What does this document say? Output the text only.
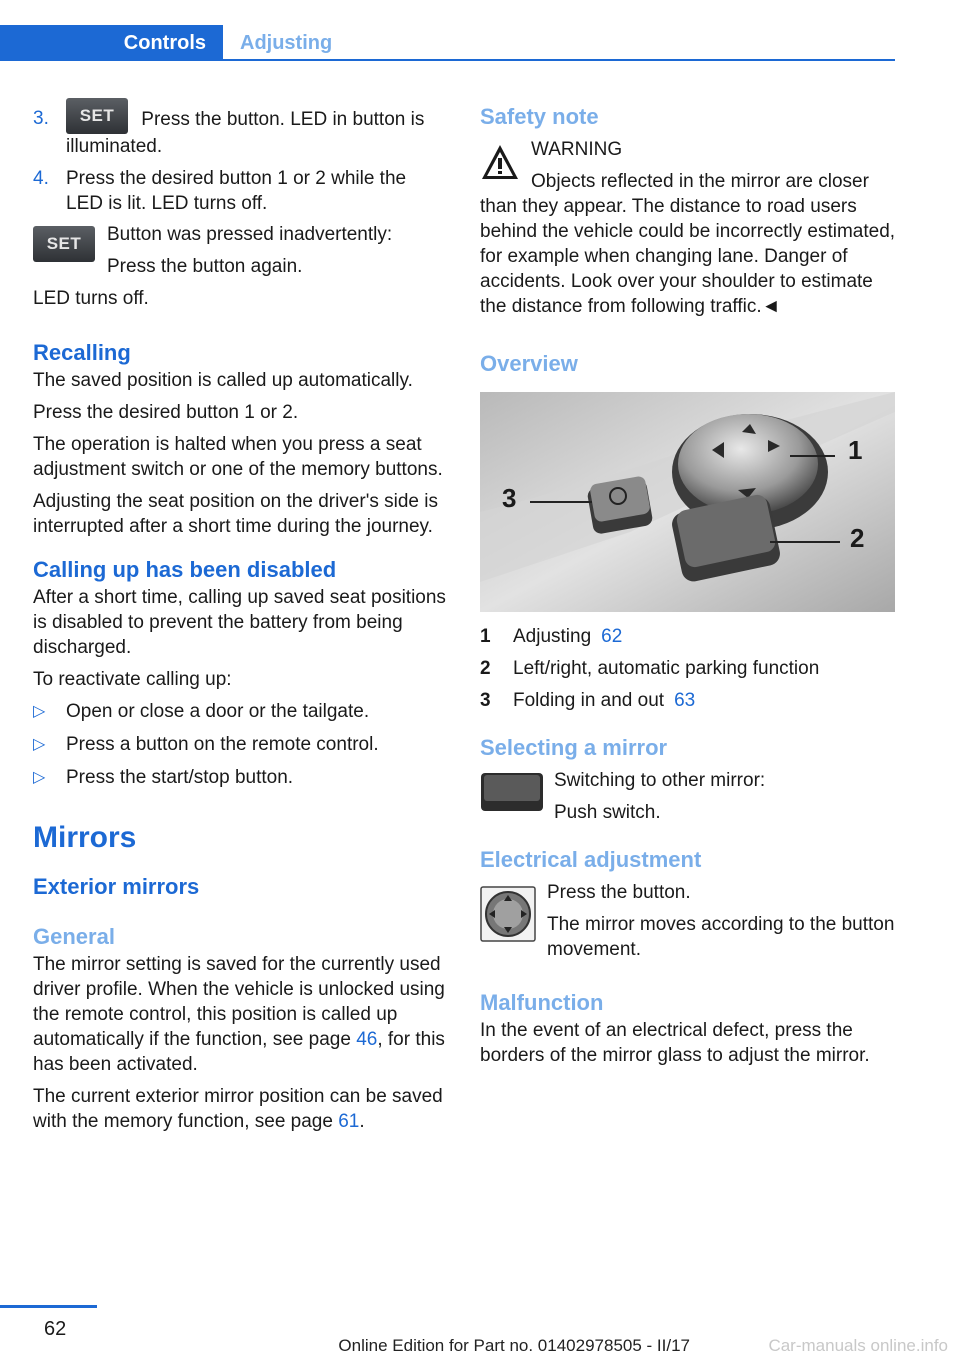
Controls	Adjusting
3.	SET Press the button. LED in button is illuminated.
4. Press the desired button 1 or 2 while the LED is lit. LED turns off.
SET	Button was pressed inadvertently:

Press the button again.

LED turns off.

Recalling

The saved position is called up automatically.

Press the desired button 1 or 2.

The operation is halted when you press a seat adjustment switch or one of the memory buttons.

Adjusting the seat position on the driver's side is interrupted after a short time during the journey.

Calling up has been disabled

After a short time, calling up saved seat positions is disabled to prevent the battery from being discharged.

To reactivate calling up:

▷	Open or close a door or the tailgate.
▷	Press a button on the remote control.
▷	Press the start/stop button.
Mirrors
Exterior mirrors
General

The mirror setting is saved for the currently used driver profile. When the vehicle is unlocked using the remote control, this position is called up automatically if the function, see page 46, for this has been activated.

The current exterior mirror position can be saved with the memory function, see page 61.

Safety note

WARNING

Objects reflected in the mirror are closer than they appear. The distance to road users behind the vehicle could be incorrectly estimated, for example when changing lane. Danger of accidents. Look over your shoulder to estimate the distance from following traffic.◄

Overview
1
2
3
1	Adjusting 62
2	Left/right, automatic parking function
3	Folding in and out 63
Selecting a mirror

Switching to other mirror:

Push switch.

Electrical adjustment

Press the button.

The mirror moves according to the button movement.

Malfunction

In the event of an electrical defect, press the borders of the mirror glass to adjust the mirror.

62
Online Edition for Part no. 01402978505 - II/17	Car-manuals online.info
